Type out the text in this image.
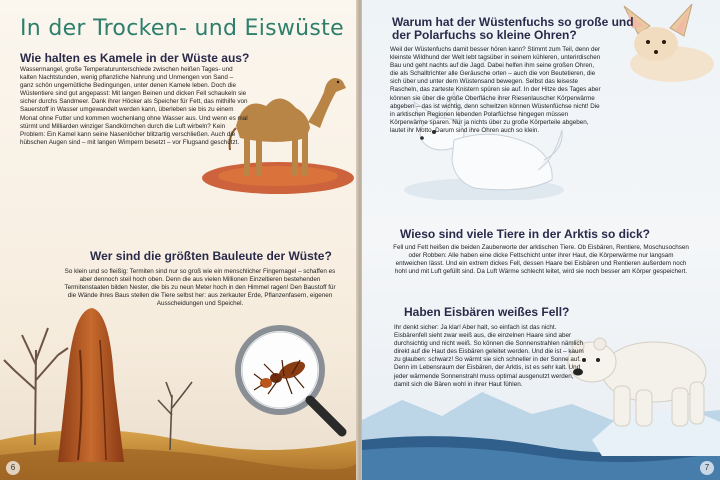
In der Trocken- und Eiswüste
Wie halten es Kamele in der Wüste aus?

Wassermangel, große Temperaturunterschiede zwischen heißen Tages- und kalten Nachtstunden, wenig pflanzliche Nahrung und Unmengen von Sand – ganz schön ungemütliche Bedingungen, unter denen Kamele leben. Doch die Wüstentiere sind gut angepasst: Mit langen Beinen und dicken Fell schaukeln sie sicher durchs Sandmeer. Dank ihrer Höcker als Speicher für Fett, das mithilfe von Sauerstoff in Wasser umgewandelt werden kann, überleben sie bis zu einem Monat ohne Futter und kommen wochenlang ohne Wasser aus. Und wenn es mal stürmt und Milliarden winziger Sandkörnchen durch die Luft wirbeln? Kein Problem: Ein Kamel kann seine Nasenlöcher blitzartig verschließen. Auch die hübschen Augen sind – mit langen Wimpern besetzt – vor Flugsand geschützt.

Wer sind die größten Bauleute der Wüste?

So klein und so fleißig: Termiten sind nur so groß wie ein menschlicher Fingernagel – schaffen es aber dennoch steil hoch oben. Denn die aus vielen Millionen Einzeltieren bestehenden Termitenstaaten bilden Nester, die bis zu neun Meter hoch in den Himmel ragen! Den Baustoff für die Wände ihres Baus stellen die Tiere selbst her: aus zerkauter Erde, Pflanzenfasern, eigenen Ausscheidungen und Speichel.

6
Warum hat der Wüstenfuchs so große und der Polarfuchs so kleine Ohren?

Weil der Wüstenfuchs damit besser hören kann? Stimmt zum Teil, denn der kleinste Wildhund der Welt lebt tagsüber in seinem kühleren, unterirdischen Bau und geht nachts auf die Jagd. Dabei helfen ihm seine großen Ohren, die als Schalltrichter alle Geräusche orten – auch die von Beutetieren, die sich über und unter dem Wüstensand bewegen. Selbst das leiseste Rascheln, das zarteste Knistern spüren sie auf. In der Hitze des Tages aber können sie über die große Oberfläche ihrer Riesenlauscher Körperwärme abgeben – das ist wichtig, denn schwitzen können Wüstenfüchse nicht! Die in arktischen Regionen lebenden Polarfüchse hingegen müssen Körperwärme sparen. Nur ja nichts über zu große Körperteile abgeben, lautet ihr Motto. Darum sind ihre Ohren auch so klein.

Wieso sind viele Tiere in der Arktis so dick?

Fell und Fett heißen die beiden Zauberworte der arktischen Tiere. Ob Eisbären, Rentiere, Moschusochsen oder Robben: Alle haben eine dicke Fettschicht unter ihrer Haut, die Körperwärme nur langsam entweichen lässt. Und ein extrem dickes Fell, dessen Haare bei Eisbären und Rentieren außerdem noch hohl und mit Luft gefüllt sind. Da Luft Wärme schlecht leitet, wird sie noch besser am Körper gespeichert.

Haben Eisbären weißes Fell?

Ihr denkt sicher: Ja klar! Aber halt, so einfach ist das nicht. Eisbärenfell sieht zwar weiß aus, die einzelnen Haare sind aber durchsichtig und nicht weiß. So können die Sonnenstrahlen nämlich direkt auf die Haut des Eisbären geleitet werden. Und die ist – kaum zu glauben: schwarz! So wärmt sie sich schneller in der Sonne auf. Denn im Lebensraum der Eisbären, der Arktis, ist es sehr kalt. Und jeder wärmende Sonnenstrahl muss optimal ausgenutzt werden, damit sich die Bären wohl in ihrer Haut fühlen.

7
